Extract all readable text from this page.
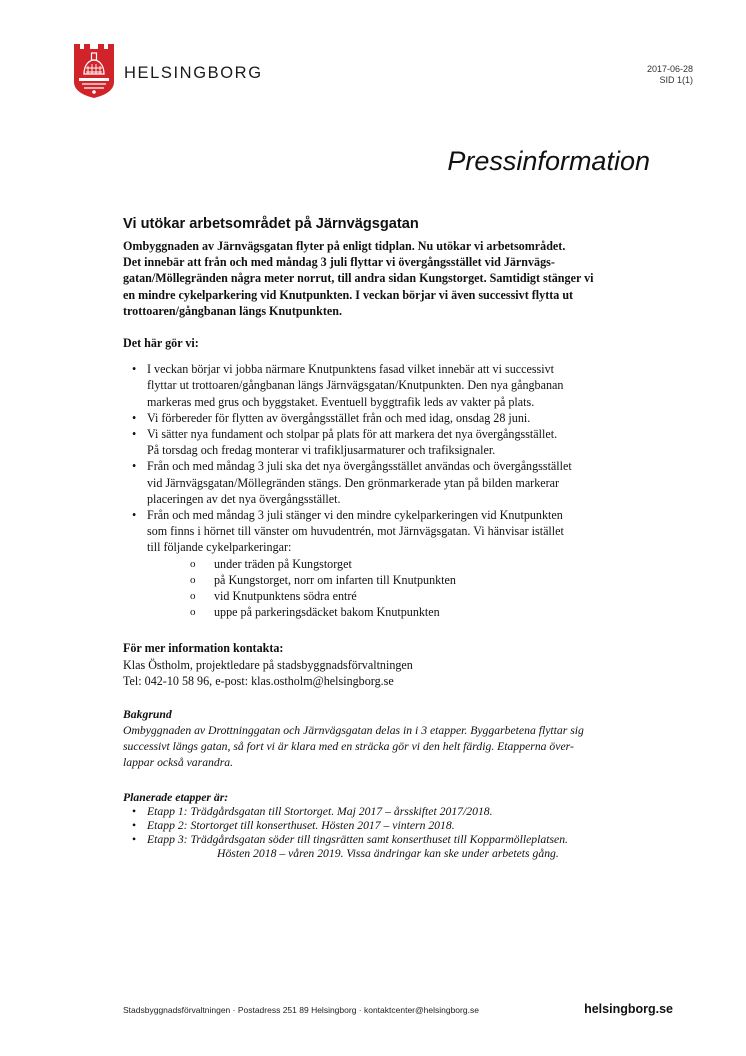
HELSINGBORG	2017-06-28
SID 1(1)
Pressinformation

Vi utökar arbetsområdet på Järnvägsgatan

Ombyggnaden av Järnvägsgatan flyter på enligt tidplan. Nu utökar vi arbetsområdet.
Det innebär att från och med måndag 3 juli flyttar vi övergångsstället vid Järnvägs-
gatan/Möllegränden några meter norrut, till andra sidan Kungstorget. Samtidigt stänger vi
en mindre cykelparkering vid Knutpunkten. I veckan börjar vi även successivt flytta ut
trottoaren/gångbanan längs Knutpunkten.

Det här gör vi:

• I veckan börjar vi jobba närmare Knutpunktens fasad vilket innebär att vi successivt
flyttar ut trottoaren/gångbanan längs Järnvägsgatan/Knutpunkten. Den nya gångbanan
markeras med grus och byggstaket. Eventuell byggtrafik leds av vakter på plats.
• Vi förbereder för flytten av övergångsstället från och med idag, onsdag 28 juni.
• Vi sätter nya fundament och stolpar på plats för att markera det nya övergångsstället.
På torsdag och fredag monterar vi trafikljusarmaturer och trafiksignaler.
• Från och med måndag 3 juli ska det nya övergångsstället användas och övergångsstället
vid Järnvägsgatan/Möllegränden stängs. Den grönmarkerade ytan på bilden markerar
placeringen av det nya övergångsstället.
• Från och med måndag 3 juli stänger vi den mindre cykelparkeringen vid Knutpunkten
som finns i hörnet till vänster om huvudentrén, mot Järnvägsgatan. Vi hänvisar istället
till följande cykelparkeringar:
o under träden på Kungstorget
o på Kungstorget, norr om infarten till Knutpunkten
o vid Knutpunktens södra entré
o uppe på parkeringsdäcket bakom Knutpunkten
För mer information kontakta:
Klas Östholm, projektledare på stadsbyggnadsförvaltningen
Tel: 042-10 58 96, e-post: klas.ostholm@helsingborg.se
Bakgrund
Ombyggnaden av Drottninggatan och Järnvägsgatan delas in i 3 etapper. Byggarbetena flyttar sig
successivt längs gatan, så fort vi är klara med en sträcka gör vi den helt färdig. Etapperna över-
lappar också varandra.
Planerade etapper är:
• Etapp 1: Trädgårdsgatan till Stortorget. Maj 2017 – årsskiftet 2017/2018.
• Etapp 2: Stortorget till konserthuset. Hösten 2017 – vintern 2018.
• Etapp 3: Trädgårdsgatan söder till tingsrätten samt konserthuset till Kopparmölleplatsen.
Hösten 2018 – våren 2019. Vissa ändringar kan ske under arbetets gång.
Stadsbyggnadsförvaltningen · Postadress 251 89 Helsingborg · kontaktcenter@helsingborg.se	helsingborg.se
